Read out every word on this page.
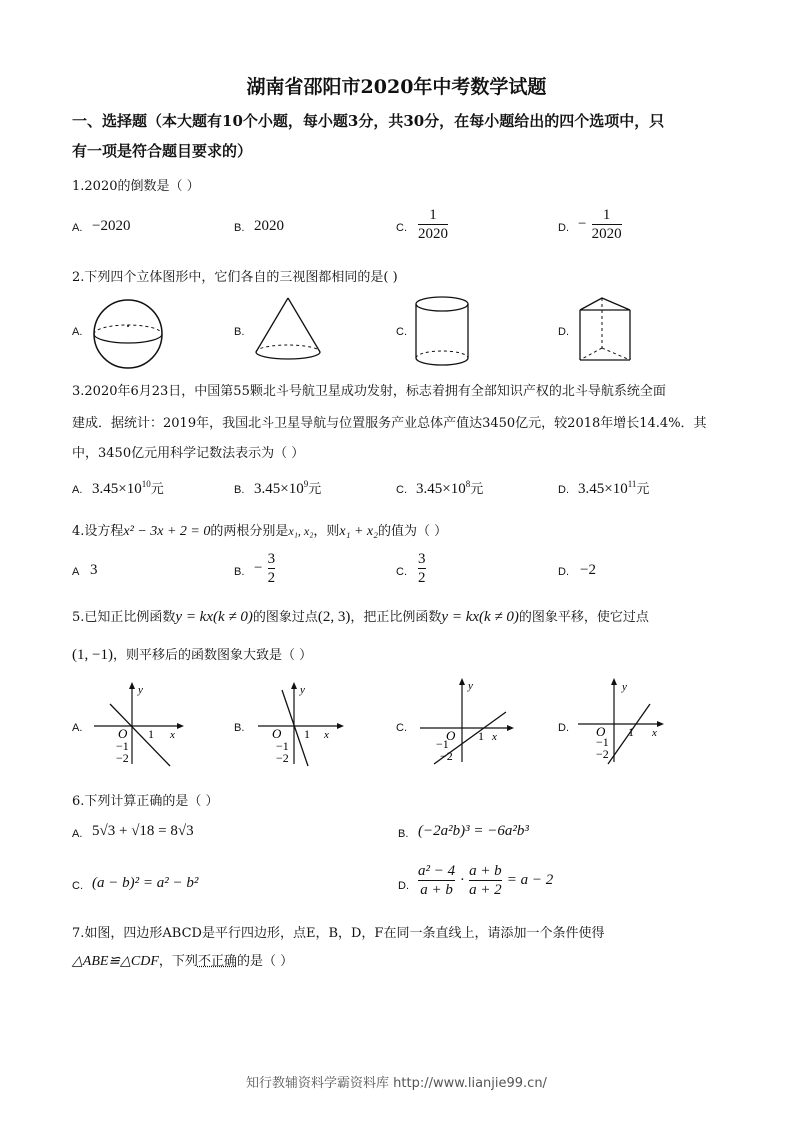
湖南省邵阳市2020年中考数学试题
一、选择题（本大题有10个小题，每小题3分，共30分，在每小题给出的四个选项中，只
有一项是符合题目要求的）
1.2020的倒数是（ ）
A. −2020	B. 2020	C. $\frac{1}{2020}$	D. − $\frac{1}{2020}$
2.下列四个立体图形中，它们各自的三视图都相同的是( )
A.	B.	C.	D.
3.2020年6月23日，中国第55颗北斗号航卫星成功发射，标志着拥有全部知识产权的北斗导航系统全面
建成．据统计：2019年，我国北斗卫星导航与位置服务产业总体产值达3450亿元，较2018年增长14.4%．其
中，3450亿元用科学记数法表示为（ ）
A. $3.45\times 10^{10}$元	B. $3.45\times 10^9$元	C. $3.45\times 10^8$元	D. $3.45\times 10^{11}$元
4.设方程x² − 3x + 2 = 0的两根分别是x₁, x₂，则x₁ + x₂的值为（ ）
A 3	B. − $\frac{3}{2}$	C. $\frac{3}{2}$	D. −2
5.已知正比例函数y = kx(k ≠ 0)的图象过点(2, 3)，把正比例函数y = kx(k ≠ 0)的图象平移，使它过点
(1, −1)，则平移后的函数图象大致是（ ）
A.
y
x
O 1
−1
−2
B.
y
x
O 1
−1
−2
C.
y
x
O 1
−1
−2
D.
y
x
O 1
−1
−2
6.下列计算正确的是（ ）
A. 5√3 + √18 = 8√3	B. (−2a²b)³ = −6a²b³
C. (a − b)² = a² − b²	D. $\frac{\text{a² − 4}}{a + b} \cdot \frac{a + b}{a + 2} = a - 2$
7.如图，四边形ABCD是平行四边形，点E，B，D，F在同一条直线上，请添加一个条件使得
△ABE≌△CDF，下列不正确的是（ ）
知行教辅资料学霸资料库 http://www.lianjie99.cn/
